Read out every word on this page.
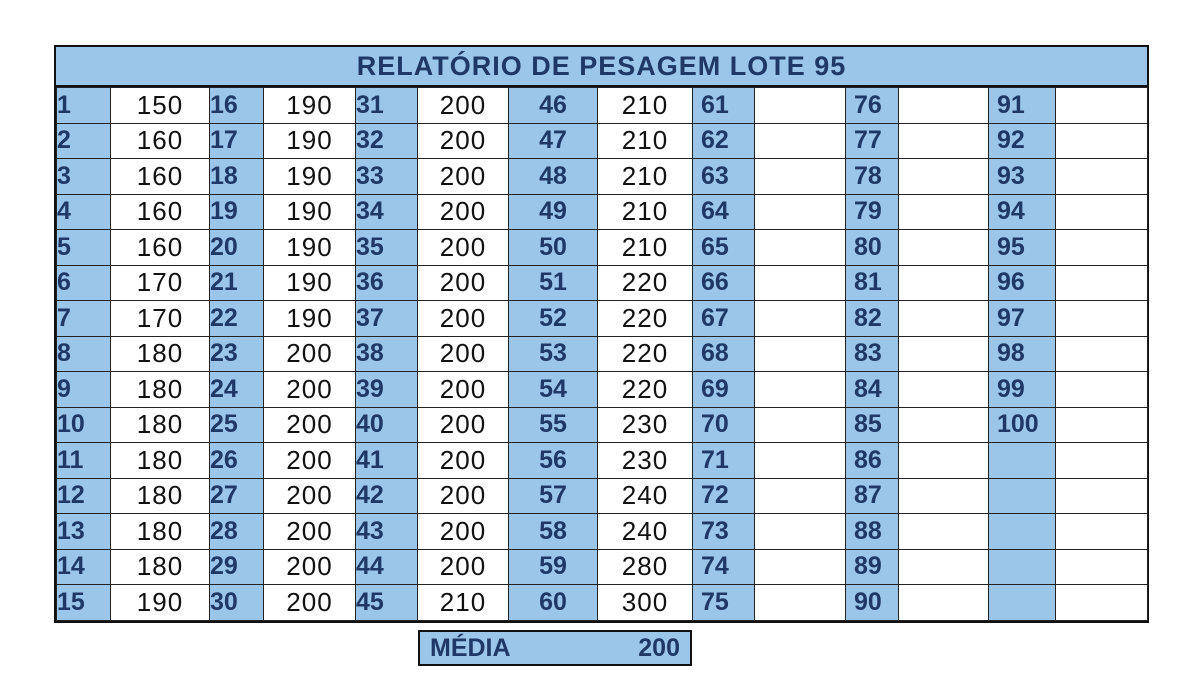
RELATÓRIO DE PESAGEM LOTE 95
1	150	16	190	31	200	46	210	61		76		91	
2	160	17	190	32	200	47	210	62		77		92	
3	160	18	190	33	200	48	210	63		78		93	
4	160	19	190	34	200	49	210	64		79		94	
5	160	20	190	35	200	50	210	65		80		95	
6	170	21	190	36	200	51	220	66		81		96	
7	170	22	190	37	200	52	220	67		82		97	
8	180	23	200	38	200	53	220	68		83		98	
9	180	24	200	39	200	54	220	69		84		99	
10	180	25	200	40	200	55	230	70		85		100	
11	180	26	200	41	200	56	230	71		86			
12	180	27	200	42	200	57	240	72		87			
13	180	28	200	43	200	58	240	73		88			
14	180	29	200	44	200	59	280	74		89			
15	190	30	200	45	210	60	300	75		90			
MÉDIA	200
